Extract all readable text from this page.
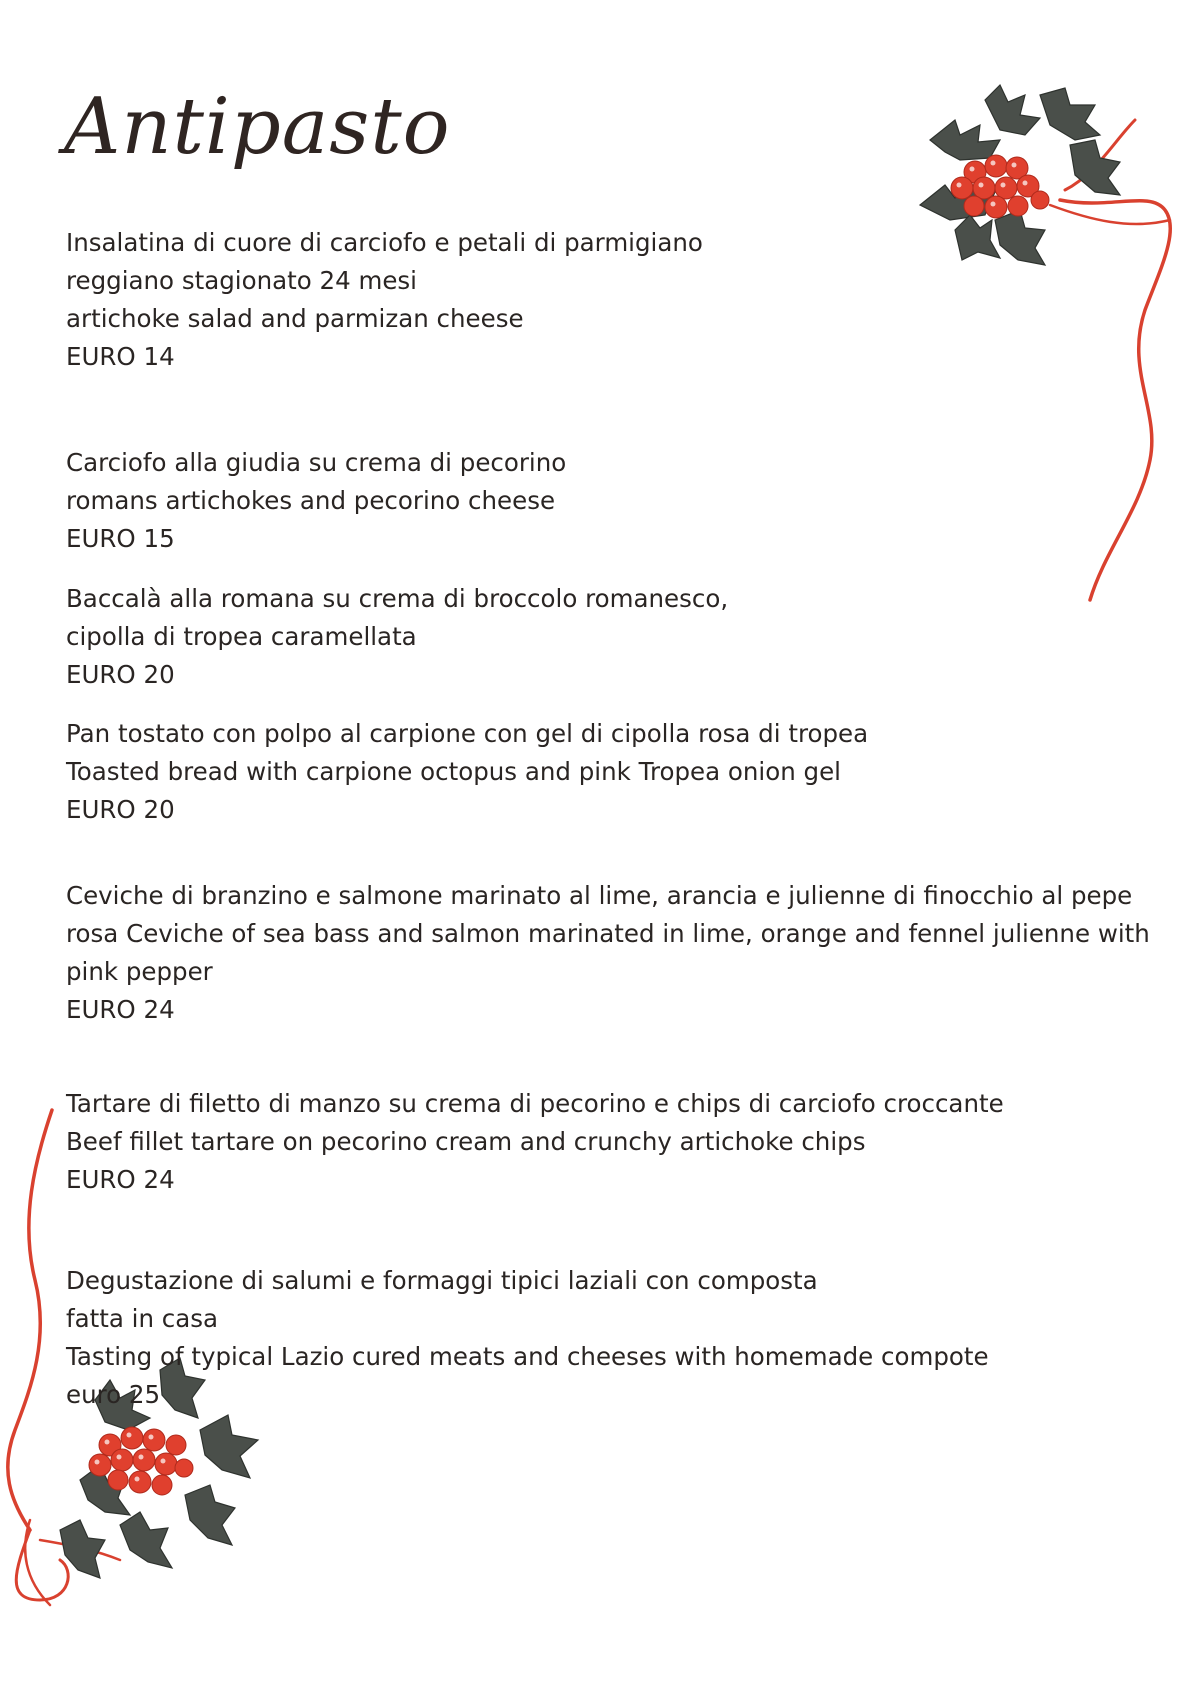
Antipasto
Insalatina di cuore di carciofo e petali di parmigiano
reggiano stagionato 24 mesi
artichoke salad and parmizan cheese
EURO 14
Carciofo alla giudia su crema di pecorino
romans artichokes and pecorino cheese
EURO 15
Baccalà alla romana su crema di broccolo romanesco,
cipolla di tropea caramellata
EURO 20
Pan tostato con polpo al carpione con gel di cipolla rosa di tropea
Toasted bread with carpione octopus and pink Tropea onion gel
EURO 20
Ceviche di branzino e salmone marinato al lime, arancia e julienne di finocchio al pepe
rosa Ceviche of sea bass and salmon marinated in lime, orange and fennel julienne with
pink pepper
EURO 24
Tartare di filetto di manzo su crema di pecorino e chips di carciofo croccante
Beef fillet tartare on pecorino cream and crunchy artichoke chips
EURO 24
Degustazione di salumi e formaggi tipici laziali con composta
fatta in casa
Tasting of typical Lazio cured meats and cheeses with homemade compote
euro 25
